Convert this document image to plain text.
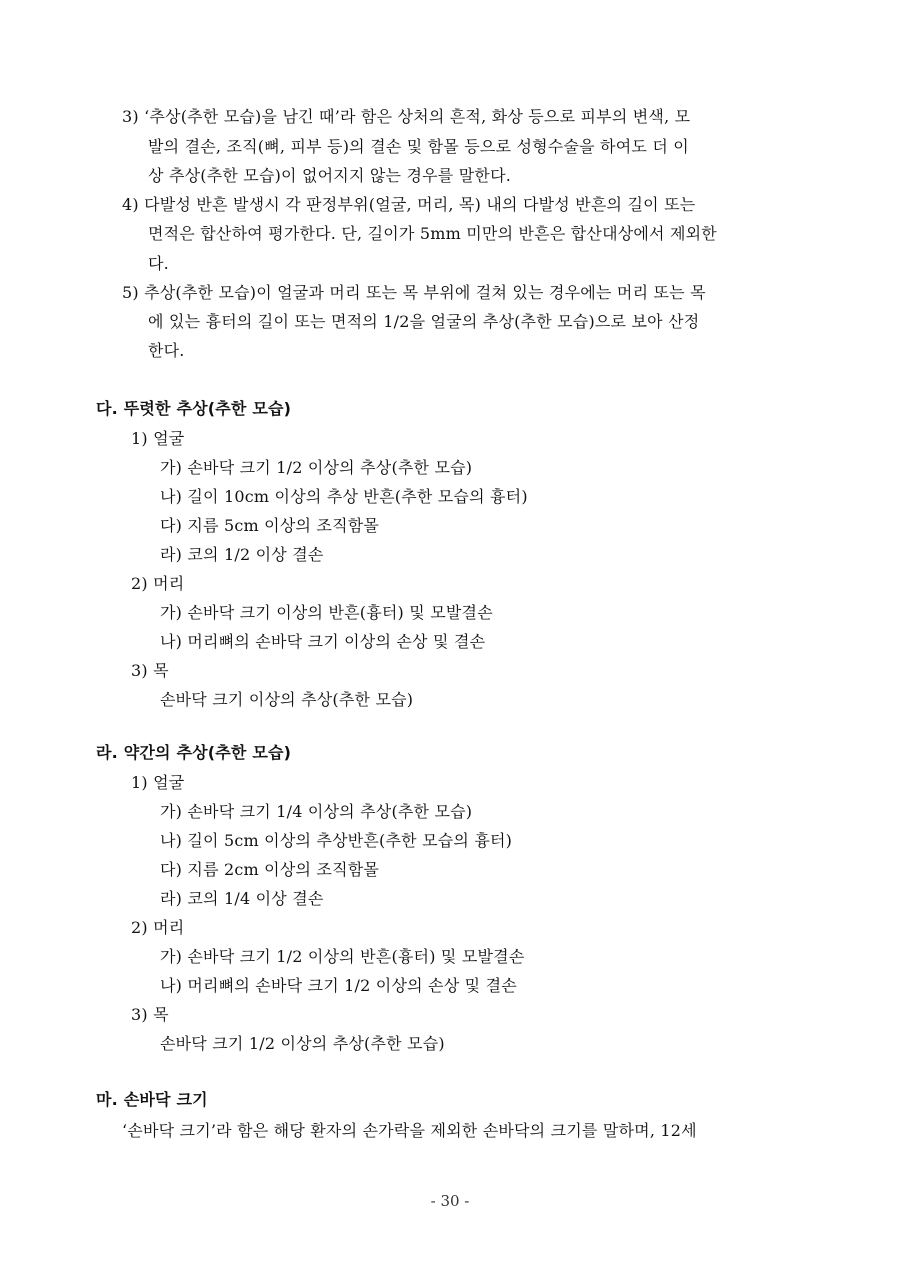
3) ‘추상(추한 모습)을 남긴 때’라 함은 상처의 흔적, 화상 등으로 피부의 변색, 모
발의 결손, 조직(뼈, 피부 등)의 결손 및 함몰 등으로 성형수술을 하여도 더 이
상 추상(추한 모습)이 없어지지 않는 경우를 말한다.
4) 다발성 반흔 발생시 각 판정부위(얼굴, 머리, 목) 내의 다발성 반흔의 길이 또는
면적은 합산하여 평가한다. 단, 길이가 5mm 미만의 반흔은 합산대상에서 제외한
다.
5) 추상(추한 모습)이 얼굴과 머리 또는 목 부위에 걸쳐 있는 경우에는 머리 또는 목
에 있는 흉터의 길이 또는 면적의 1/2을 얼굴의 추상(추한 모습)으로 보아 산정
한다.
다. 뚜렷한 추상(추한 모습)
1) 얼굴
가) 손바닥 크기 1/2 이상의 추상(추한 모습)
나) 길이 10cm 이상의 추상 반흔(추한 모습의 흉터)
다) 지름 5cm 이상의 조직함몰
라) 코의 1/2 이상 결손
2) 머리
가) 손바닥 크기 이상의 반흔(흉터) 및 모발결손
나) 머리뼈의 손바닥 크기 이상의 손상 및 결손
3) 목
손바닥 크기 이상의 추상(추한 모습)
라. 약간의 추상(추한 모습)
1) 얼굴
가) 손바닥 크기 1/4 이상의 추상(추한 모습)
나) 길이 5cm 이상의 추상반흔(추한 모습의 흉터)
다) 지름 2cm 이상의 조직함몰
라) 코의 1/4 이상 결손
2) 머리
가) 손바닥 크기 1/2 이상의 반흔(흉터) 및 모발결손
나) 머리뼈의 손바닥 크기 1/2 이상의 손상 및 결손
3) 목
손바닥 크기 1/2 이상의 추상(추한 모습)
마. 손바닥 크기
‘손바닥 크기’라 함은 해당 환자의 손가락을 제외한 손바닥의 크기를 말하며, 12세
- 30 -
